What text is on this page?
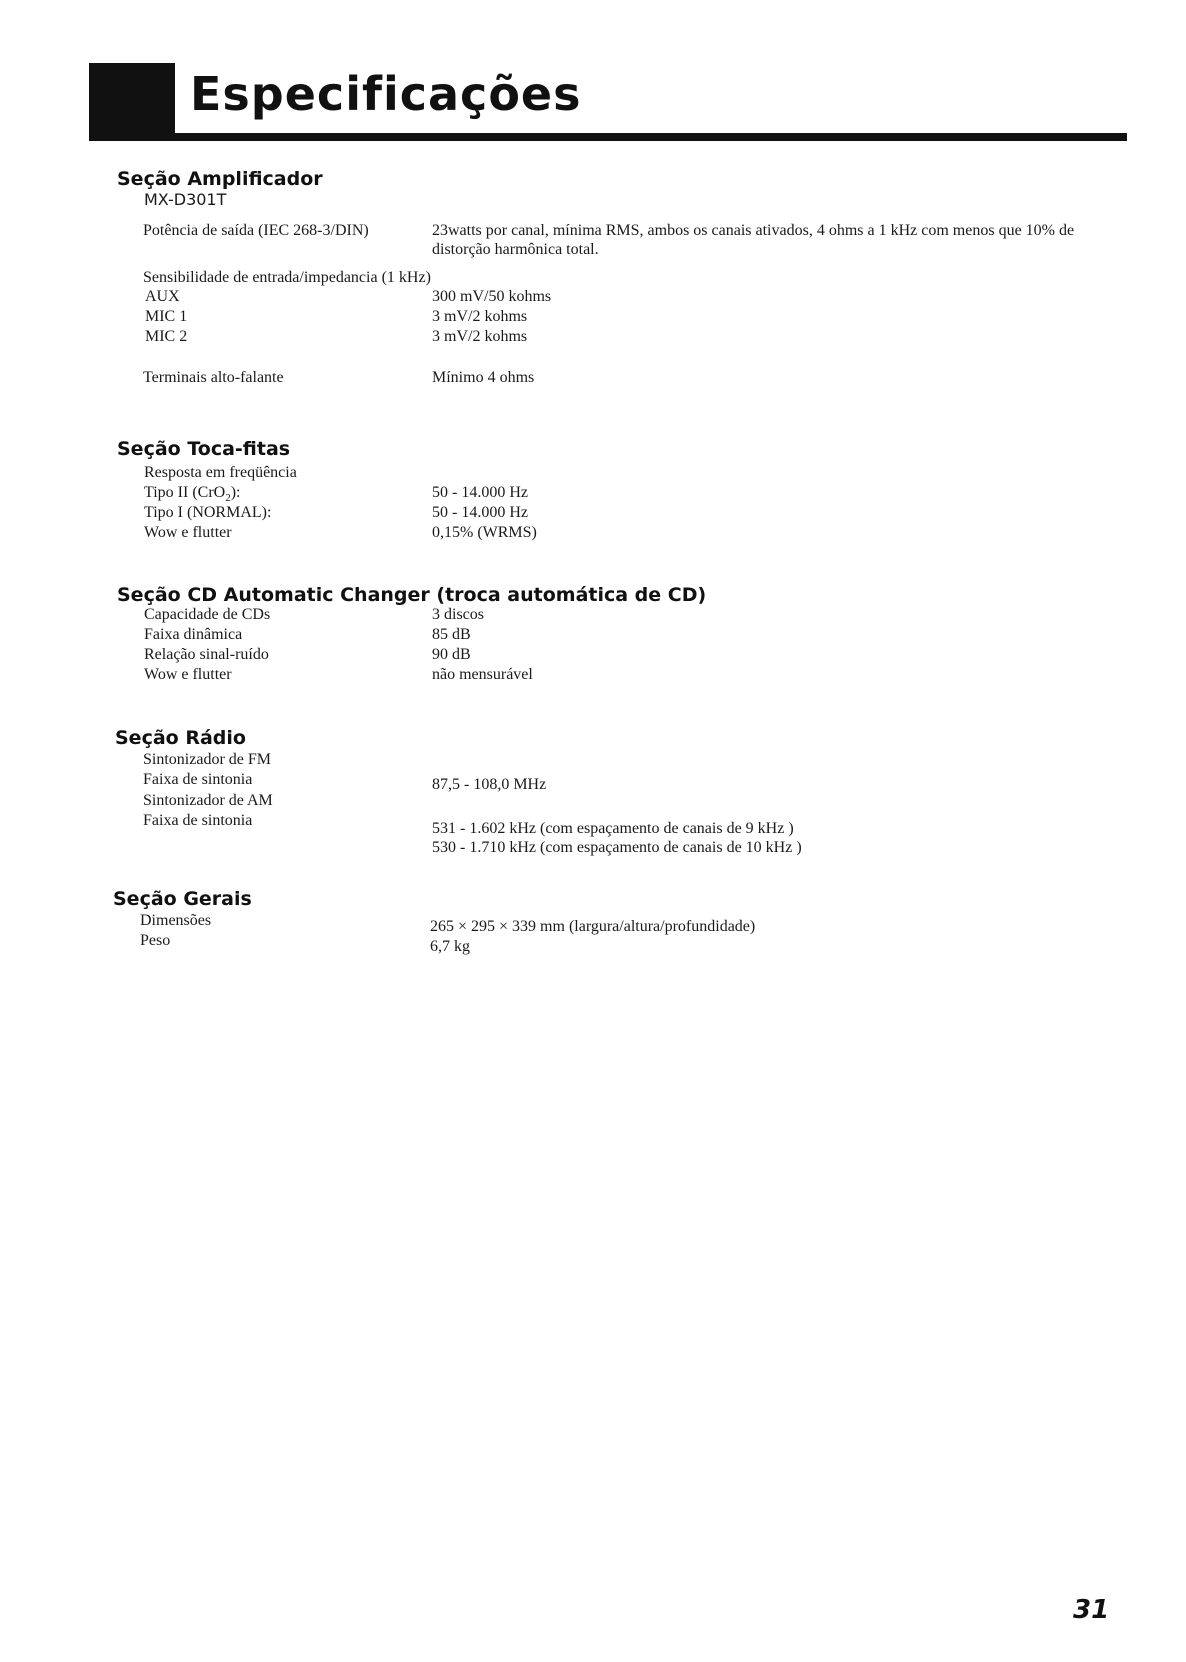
Especificações
Seção Amplificador
MX-D301T
Potência de saída (IEC 268-3/DIN)	23watts por canal, mínima RMS, ambos os canais ativados, 4 ohms a 1 kHz com menos que 10% de distorção harmônica total.
Sensibilidade de entrada/impedancia (1 kHz)
AUX	300 mV/50 kohms
MIC 1	3 mV/2 kohms
MIC 2	3 mV/2 kohms
Terminais alto-falante	Mínimo 4 ohms
Seção Toca-fitas
Resposta em freqüência
Tipo II (CrO$_2$):	50 - 14.000 Hz
Tipo I (NORMAL):	50 - 14.000 Hz
Wow e flutter	0,15% (WRMS)
Seção CD Automatic Changer (troca automática de CD)
Capacidade de CDs	3 discos
Faixa dinâmica	85 dB
Relação sinal-ruído	90 dB
Wow e flutter	não mensurável
Seção Rádio
Sintonizador de FM
Faixa de sintonia	87,5 - 108,0 MHz
Sintonizador de AM
Faixa de sintonia	531 - 1.602 kHz (com espaçamento de canais de 9 kHz )
530 - 1.710 kHz (com espaçamento de canais de 10 kHz )
Seção Gerais
Dimensões	265 × 295 × 339 mm (largura/altura/profundidade)
Peso	6,7 kg
31
